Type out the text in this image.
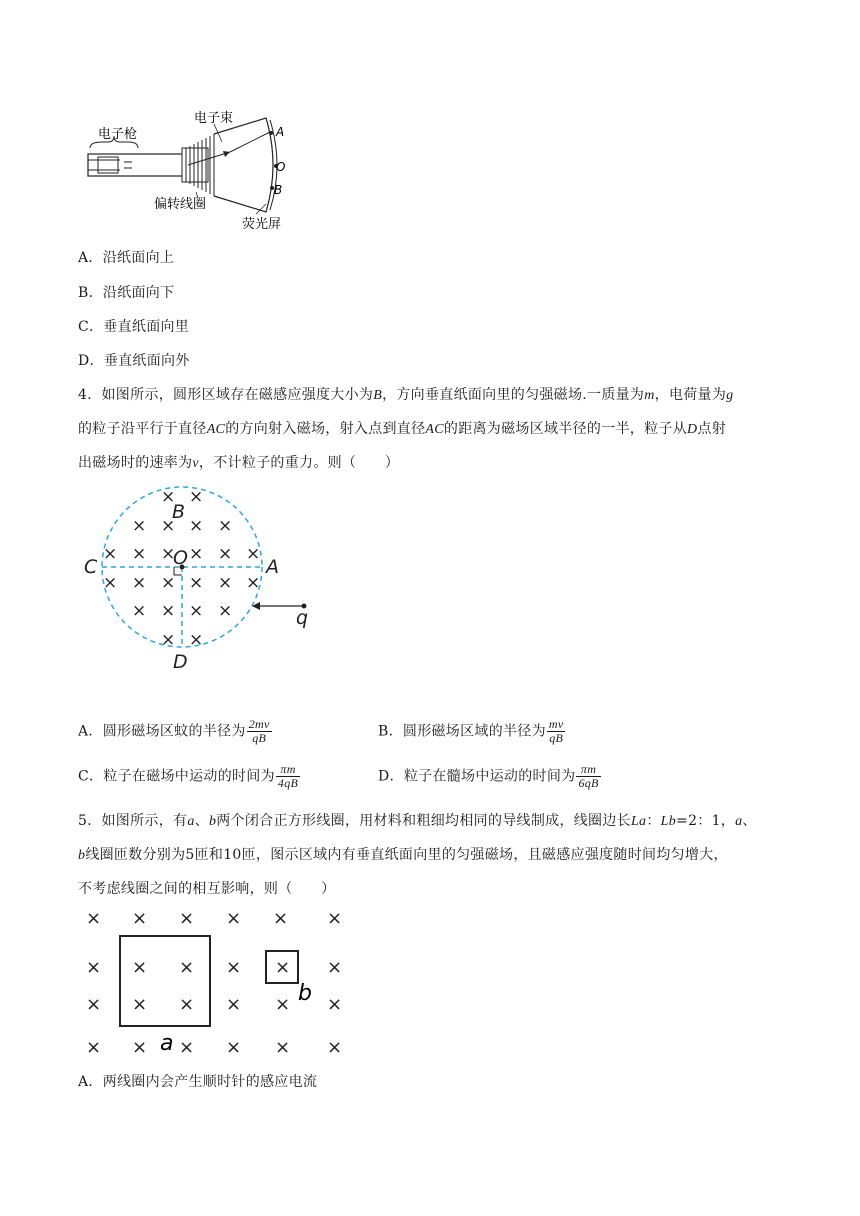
电子枪
电子束
偏转线圈
荧光屏
A
O
B
A．沿纸面向上
B．沿纸面向下
C．垂直纸面向里
D．垂直纸面向外
4．如图所示，圆形区域存在磁感应强度大小为B，方向垂直纸面向里的匀强磁场.一质量为m，电荷量为g
的粒子沿平行于直径AC的方向射入磁场，射入点到直径AC的距离为磁场区域半径的一半，粒子从D点射
出磁场时的速率为v，不计粒子的重力。则（　　）
× ×
× × × ×
× × × × × ×
× × × × × ×
× × × ×
× ×
B
O
C	A
D
q
A．圆形磁场区蚊的半径为 $\frac{2mv}{qB}$	B．圆形磁场区域的半径为 $\frac{mv}{qB}$
C．粒子在磁场中运动的时间为 $\frac{\pi m}{4qB}$	D．粒子在髓场中运动的时间为 $\frac{\pi m}{6qB}$
5．如图所示，有a、b两个闭合正方形线圈，用材料和粗细均相同的导线制成，线圈边长La：Lb=2：1，a、
b线圈匝数分别为5匝和10匝，图示区域内有垂直纸面向里的匀强磁场，且磁感应强度随时间均匀增大，
不考虑线圈之间的相互影响，则（　　）
× × × × × ×
× × × × × ×
× × × × × ×
× × × × × ×
a
b
A．两线圈内会产生顺时针的感应电流
